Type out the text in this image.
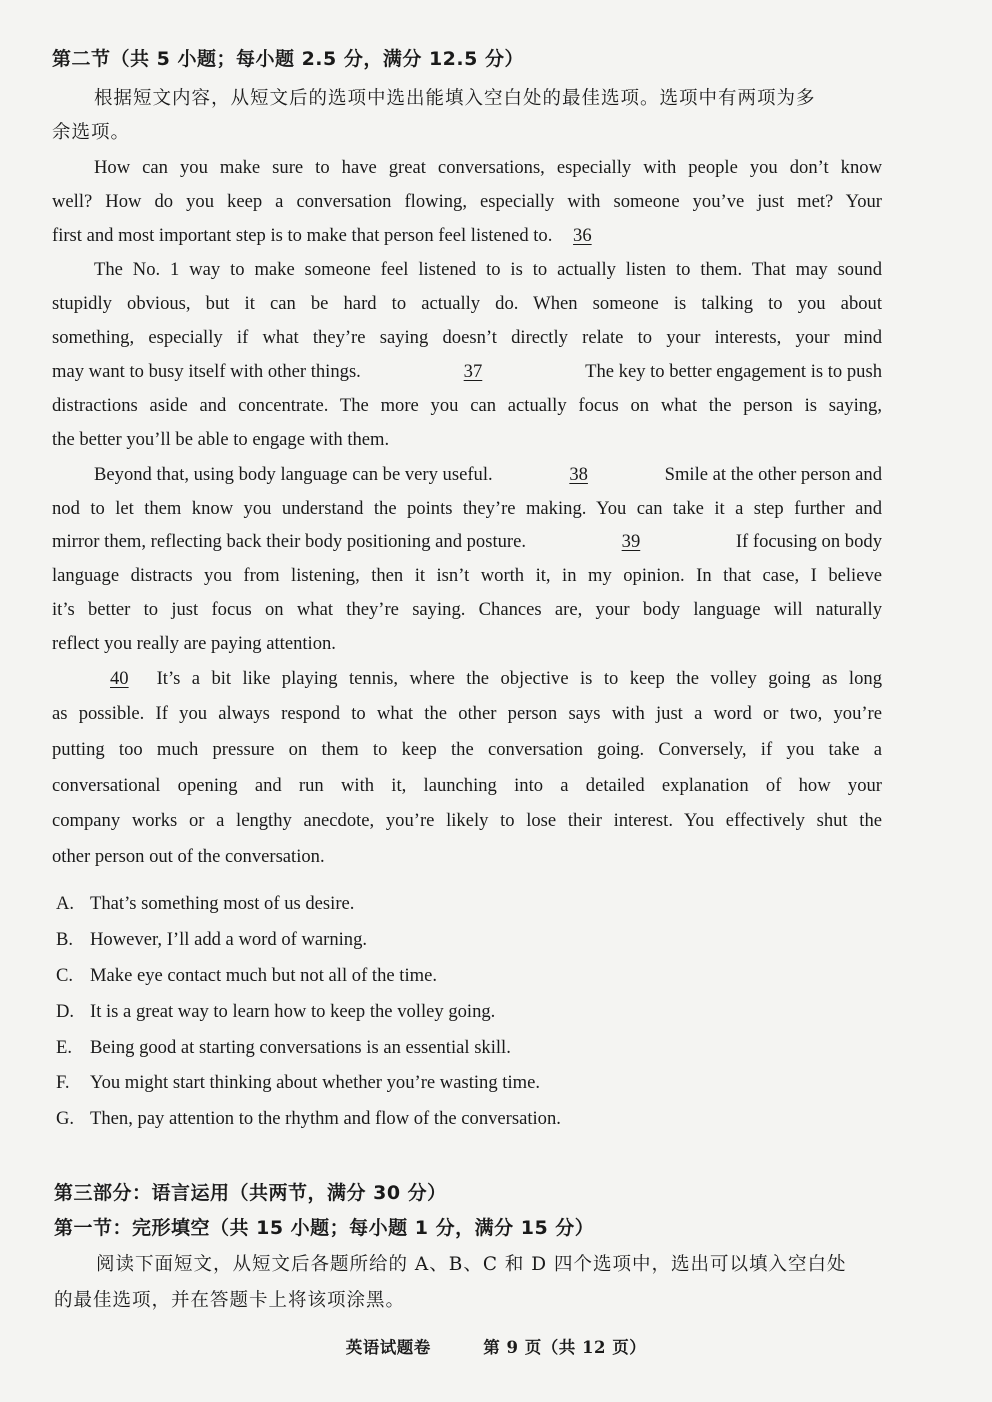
第二节（共 5 小题；每小题 2.5 分，满分 12.5 分）
根据短文内容，从短文后的选项中选出能填入空白处的最佳选项。选项中有两项为多
余选项。
How can you make sure to have great conversations, especially with people you don’t know
well? How do you keep a conversation flowing, especially with someone you’ve just met? Your
first and most important step is to make that person feel listened to. 36
The No. 1 way to make someone feel listened to is to actually listen to them. That may sound
stupidly obvious, but it can be hard to actually do. When someone is talking to you about
something, especially if what they’re saying doesn’t directly relate to your interests, your mind
may want to busy itself with other things.	37	The key to better engagement is to push
distractions aside and concentrate. The more you can actually focus on what the person is saying,
the better you’ll be able to engage with them.
Beyond that, using body language can be very useful.	38	Smile at the other person and
nod to let them know you understand the points they’re making. You can take it a step further and
mirror them, reflecting back their body positioning and posture.	39	If focusing on body
language distracts you from listening, then it isn’t worth it, in my opinion. In that case, I believe
it’s better to just focus on what they’re saying. Chances are, your body language will naturally
reflect you really are paying attention.
40	It’s a bit like playing tennis, where the objective is to keep the volley going as long
as possible. If you always respond to what the other person says with just a word or two, you’re
putting too much pressure on them to keep the conversation going. Conversely, if you take a
conversational opening and run with it, launching into a detailed explanation of how your
company works or a lengthy anecdote, you’re likely to lose their interest. You effectively shut the
other person out of the conversation.
A. That’s something most of us desire.
B. However, I’ll add a word of warning.
C. Make eye contact much but not all of the time.
D. It is a great way to learn how to keep the volley going.
E. Being good at starting conversations is an essential skill.
F. You might start thinking about whether you’re wasting time.
G. Then, pay attention to the rhythm and flow of the conversation.
第三部分：语言运用（共两节，满分 30 分）
第一节：完形填空（共 15 小题；每小题 1 分，满分 15 分）
阅读下面短文，从短文后各题所给的 A、B、C 和 D 四个选项中，选出可以填入空白处
的最佳选项，并在答题卡上将该项涂黑。
英语试题卷	第 9 页（共 12 页）
